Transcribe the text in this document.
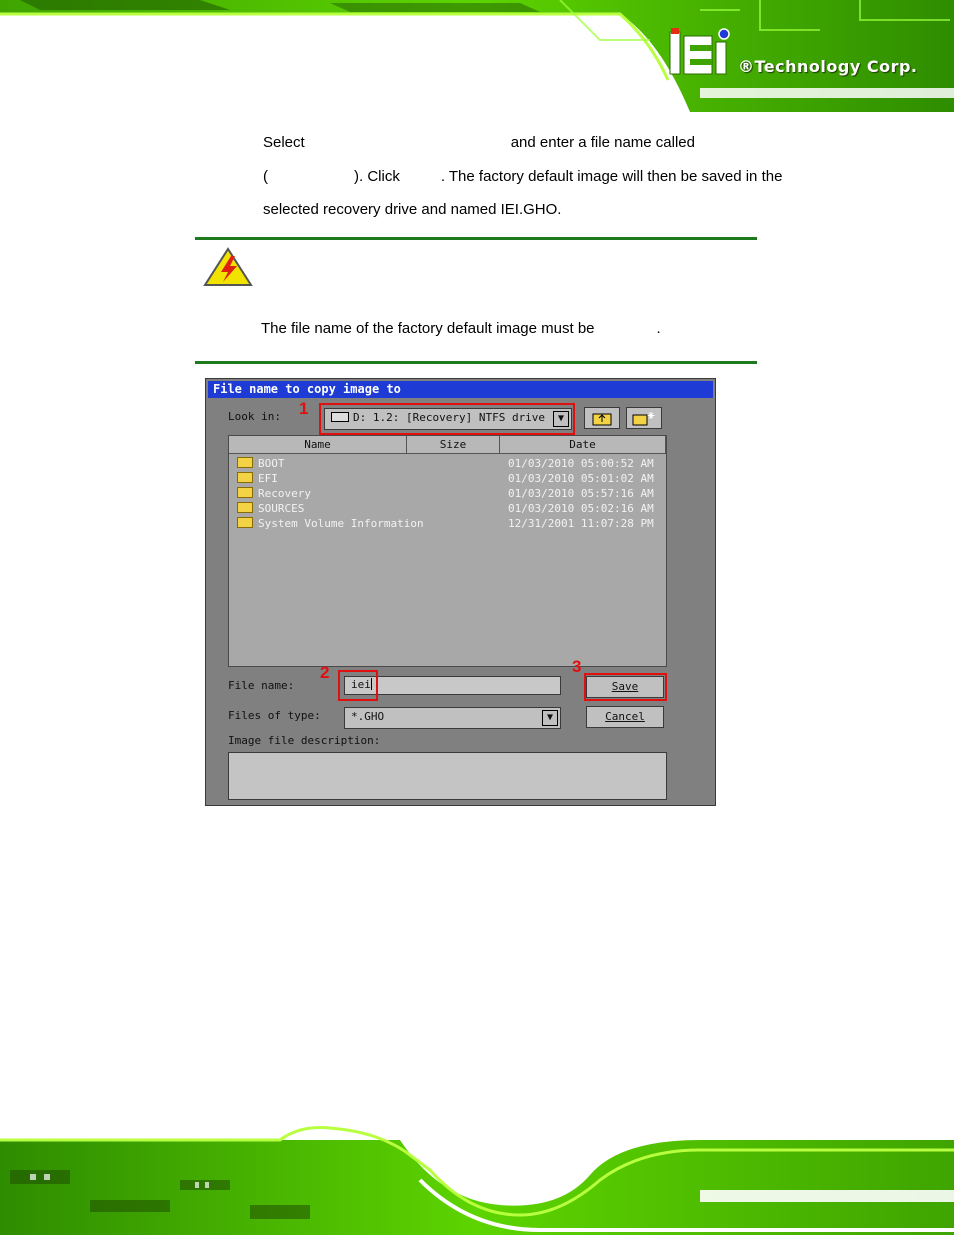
®Technology Corp.
Select	and enter a file name called
(	). Click	. The factory default image will then be saved in the
selected recovery drive and named IEI.GHO.
The file name of the factory default image must be	.
File name to copy image to
Look in:	D: 1.2: [Recovery] NTFS drive	▼
Name	Size	Date
BOOT	01/03/2010 05:00:52 AM
EFI	01/03/2010 05:01:02 AM
Recovery	01/03/2010 05:57:16 AM
SOURCES	01/03/2010 05:02:16 AM
System Volume Information	12/31/2001 11:07:28 PM
File name:	iei	Save
Files of type:	*.GHO	▼	Cancel
Image file description:
1
2	3
